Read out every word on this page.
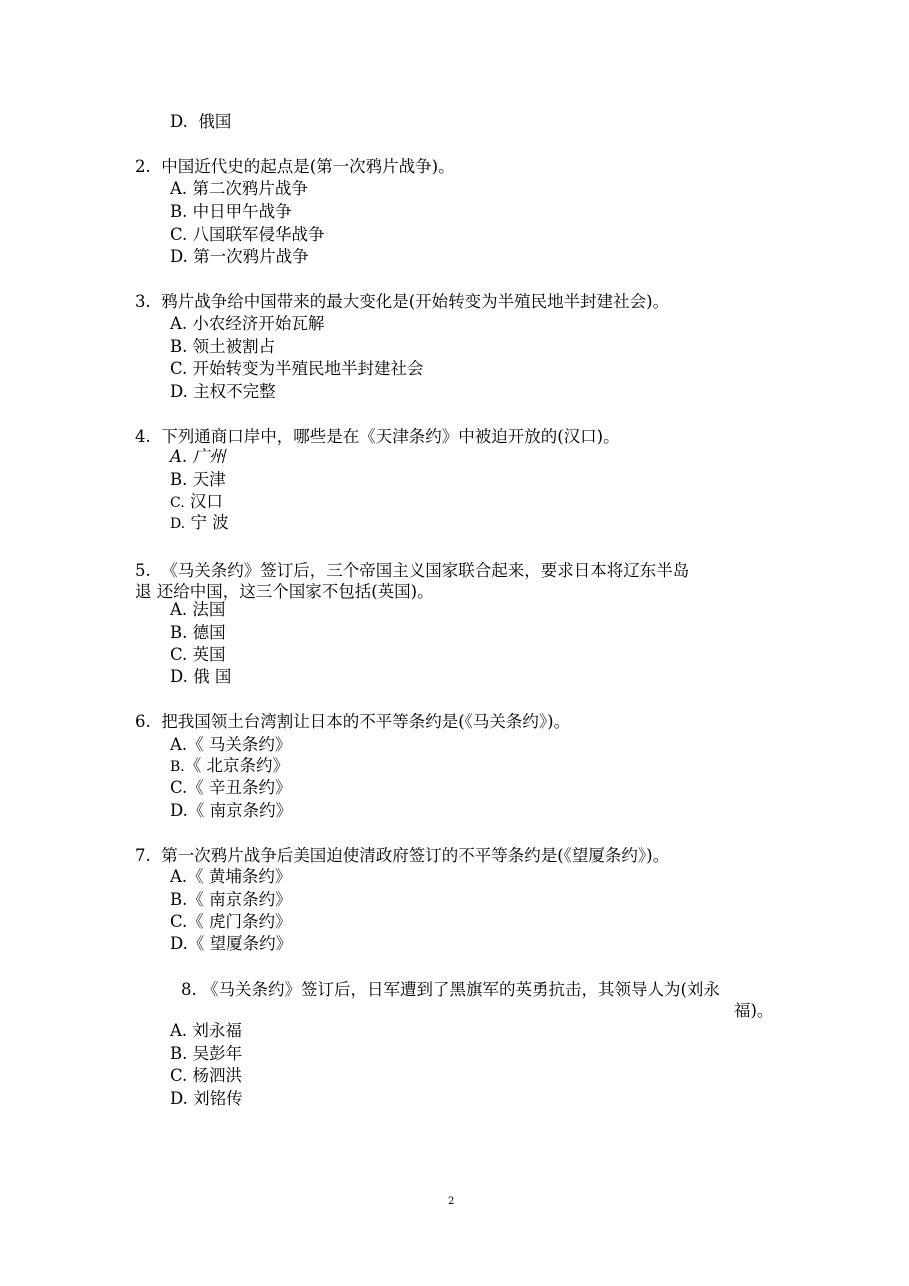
D. 俄国
2. 中国近代史的起点是(第一次鸦片战争)。
A. 第二次鸦片战争
B. 中日甲午战争
C. 八国联军侵华战争
D. 第一次鸦片战争
3. 鸦片战争给中国带来的最大变化是(开始转变为半殖民地半封建社会)。
A. 小农经济开始瓦解
B. 领土被割占
C. 开始转变为半殖民地半封建社会
D. 主权不完整
4. 下列通商口岸中，哪些是在《天津条约》中被迫开放的(汉口)。
A. 广州
B. 天津
C. 汉口
D. 宁 波
5. 《马关条约》签订后，三个帝国主义国家联合起来，要求日本将辽东半岛
退 还给中国，这三个国家不包括(英国)。
A. 法国
B. 德国
C. 英国
D. 俄 国
6. 把我国领土台湾割让日本的不平等条约是(《马关条约》)。
A.《 马关条约》
B.《 北京条约》
C.《 辛丑条约》
D.《 南京条约》
7. 第一次鸦片战争后美国迫使清政府签订的不平等条约是(《望厦条约》)。
A.《 黄埔条约》
B.《 南京条约》
C.《 虎门条约》
D.《 望厦条约》
8. 《马关条约》签订后，日军遭到了黑旗军的英勇抗击，其领导人为(刘永
福)。
A. 刘永福
B. 吴彭年
C. 杨泗洪
D. 刘铭传
2
